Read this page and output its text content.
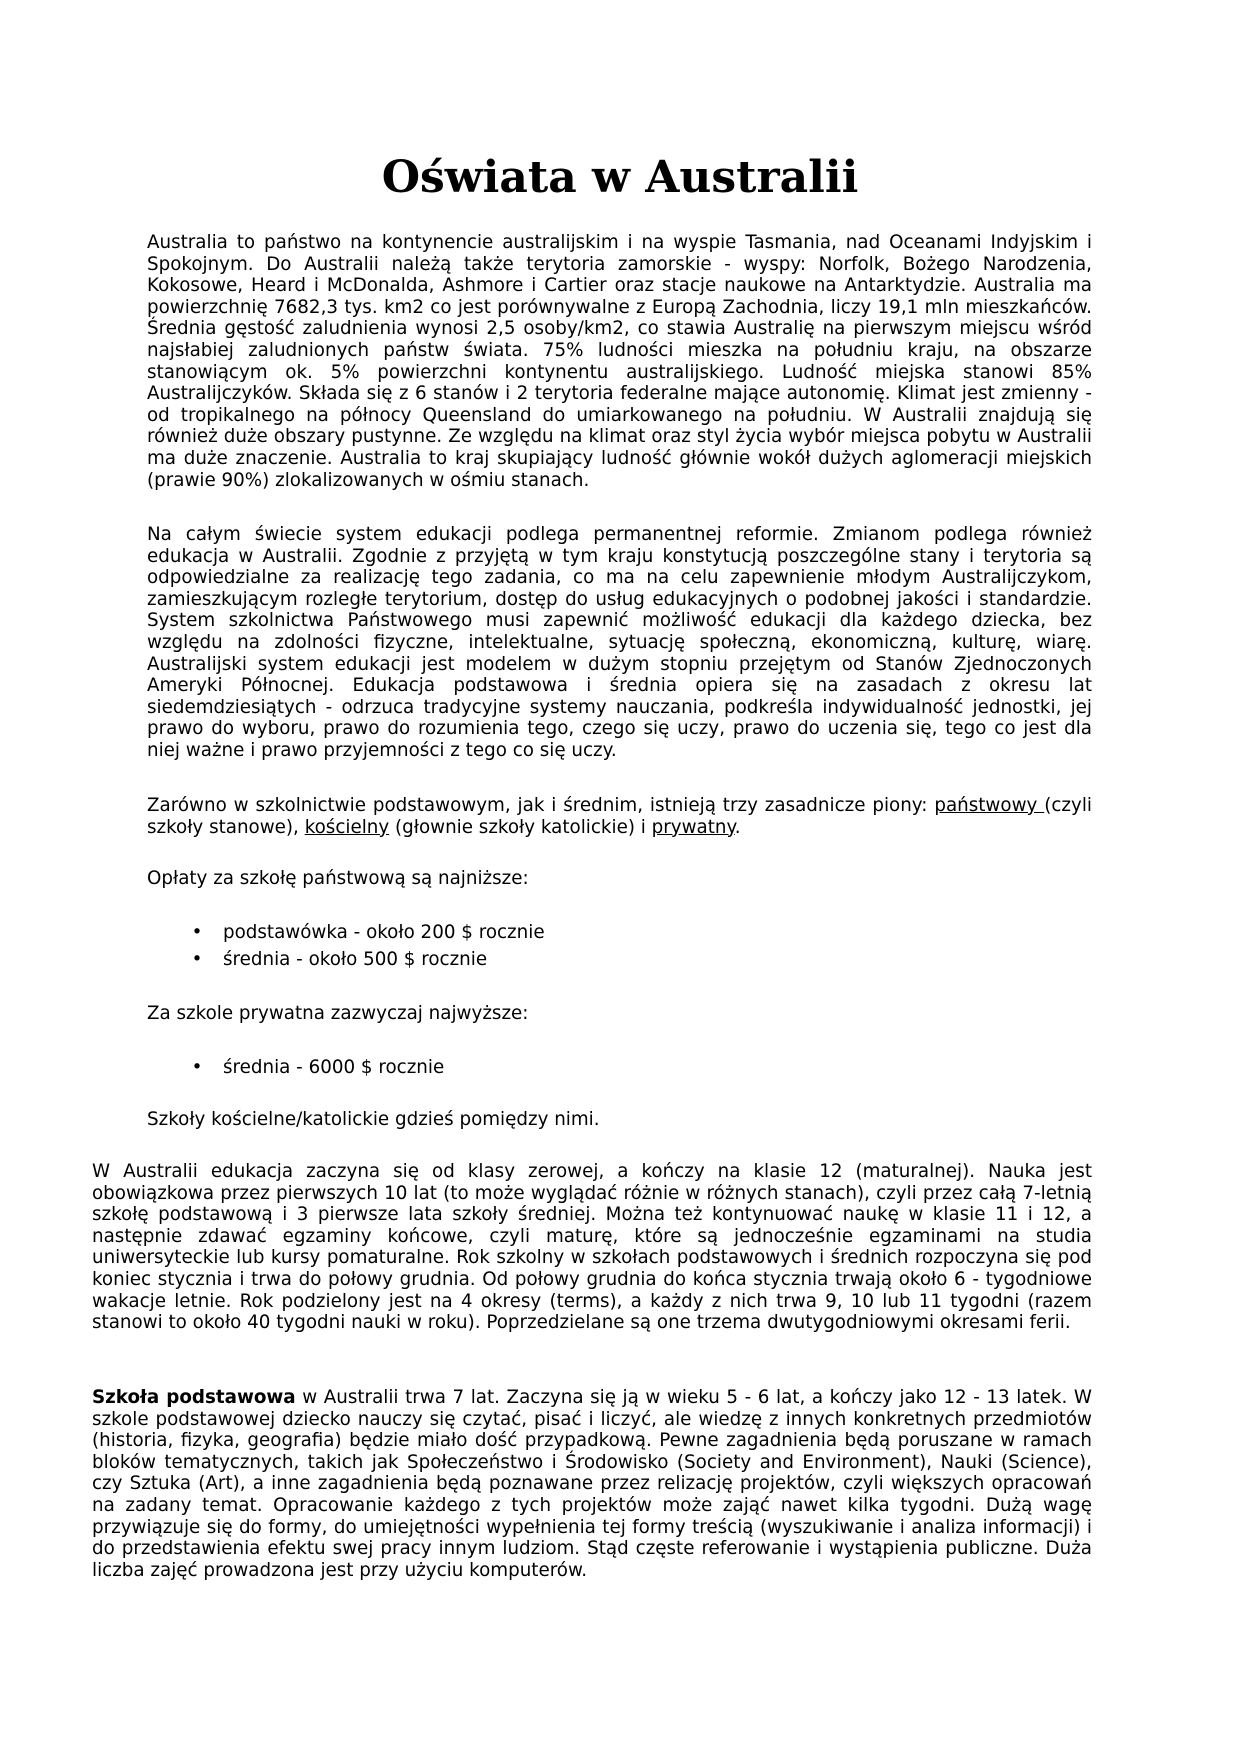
Oświata w Australii

Australia to państwo na kontynencie australijskim i na wyspie Tasmania, nad Oceanami Indyjskim i Spokojnym. Do Australii należą także terytoria zamorskie - wyspy: Norfolk, Bożego Narodzenia, Kokosowe, Heard i McDonalda, Ashmore i Cartier oraz stacje naukowe na Antarktydzie. Australia ma powierzchnię 7682,3 tys. km2 co jest porównywalne z Europą Zachodnia, liczy 19,1 mln mieszkańców. Średnia gęstość zaludnienia wynosi 2,5 osoby/km2, co stawia Australię na pierwszym miejscu wśród najsłabiej zaludnionych państw świata. 75% ludności mieszka na południu kraju, na obszarze stanowiącym ok. 5% powierzchni kontynentu australijskiego. Ludność miejska stanowi 85% Australijczyków. Składa się z 6 stanów i 2 terytoria federalne mające autonomię. Klimat jest zmienny - od tropikalnego na północy Queensland do umiarkowanego na południu. W Australii znajdują się również duże obszary pustynne. Ze względu na klimat oraz styl życia wybór miejsca pobytu w Australii ma duże znaczenie. Australia to kraj skupiający ludność głównie wokół dużych aglomeracji miejskich (prawie 90%) zlokalizowanych w ośmiu stanach.

Na całym świecie system edukacji podlega permanentnej reformie. Zmianom podlega również edukacja w Australii. Zgodnie z przyjętą w tym kraju konstytucją poszczególne stany i terytoria są odpowiedzialne za realizację tego zadania, co ma na celu zapewnienie młodym Australijczykom, zamieszkującym rozległe terytorium, dostęp do usług edukacyjnych o podobnej jakości i standardzie. System szkolnictwa Państwowego musi zapewnić możliwość edukacji dla każdego dziecka, bez względu na zdolności fizyczne, intelektualne, sytuację społeczną, ekonomiczną, kulturę, wiarę. Australijski system edukacji jest modelem w dużym stopniu przejętym od Stanów Zjednoczonych Ameryki Północnej. Edukacja podstawowa i średnia opiera się na zasadach z okresu lat siedemdziesiątych - odrzuca tradycyjne systemy nauczania, podkreśla indywidualność jednostki, jej prawo do wyboru, prawo do rozumienia tego, czego się uczy, prawo do uczenia się, tego co jest dla niej ważne i prawo przyjemności z tego co się uczy.

Zarówno w szkolnictwie podstawowym, jak i średnim, istnieją trzy zasadnicze piony: państwowy (czyli szkoły stanowe), kościelny (głownie szkoły katolickie) i prywatny.

Opłaty za szkołę państwową są najniższe:

• podstawówka - około 200 $ rocznie
• średnia - około 500 $ rocznie

Za szkole prywatna zazwyczaj najwyższe:

• średnia - 6000 $ rocznie

Szkoły kościelne/katolickie gdzieś pomiędzy nimi.

W Australii edukacja zaczyna się od klasy zerowej, a kończy na klasie 12 (maturalnej). Nauka jest obowiązkowa przez pierwszych 10 lat (to może wyglądać różnie w różnych stanach), czyli przez całą 7-letnią szkołę podstawową i 3 pierwsze lata szkoły średniej. Można też kontynuować naukę w klasie 11 i 12, a następnie zdawać egzaminy końcowe, czyli maturę, które są jednocześnie egzaminami na studia uniwersyteckie lub kursy pomaturalne. Rok szkolny w szkołach podstawowych i średnich rozpoczyna się pod koniec stycznia i trwa do połowy grudnia. Od połowy grudnia do końca stycznia trwają około 6 - tygodniowe wakacje letnie. Rok podzielony jest na 4 okresy (terms), a każdy z nich trwa 9, 10 lub 11 tygodni (razem stanowi to około 40 tygodni nauki w roku). Poprzedzielane są one trzema dwutygodniowymi okresami ferii.

Szkoła podstawowa w Australii trwa 7 lat. Zaczyna się ją w wieku 5 - 6 lat, a kończy jako 12 - 13 latek. W szkole podstawowej dziecko nauczy się czytać, pisać i liczyć, ale wiedzę z innych konkretnych przedmiotów (historia, fizyka, geografia) będzie miało dość przypadkową. Pewne zagadnienia będą poruszane w ramach bloków tematycznych, takich jak Społeczeństwo i Środowisko (Society and Environment), Nauki (Science), czy Sztuka (Art), a inne zagadnienia będą poznawane przez relizację projektów, czyli większych opracowań na zadany temat. Opracowanie każdego z tych projektów może zająć nawet kilka tygodni. Dużą wagę przywiązuje się do formy, do umiejętności wypełnienia tej formy treścią (wyszukiwanie i analiza informacji) i do przedstawienia efektu swej pracy innym ludziom. Stąd częste referowanie i wystąpienia publiczne. Duża liczba zajęć prowadzona jest przy użyciu komputerów.
